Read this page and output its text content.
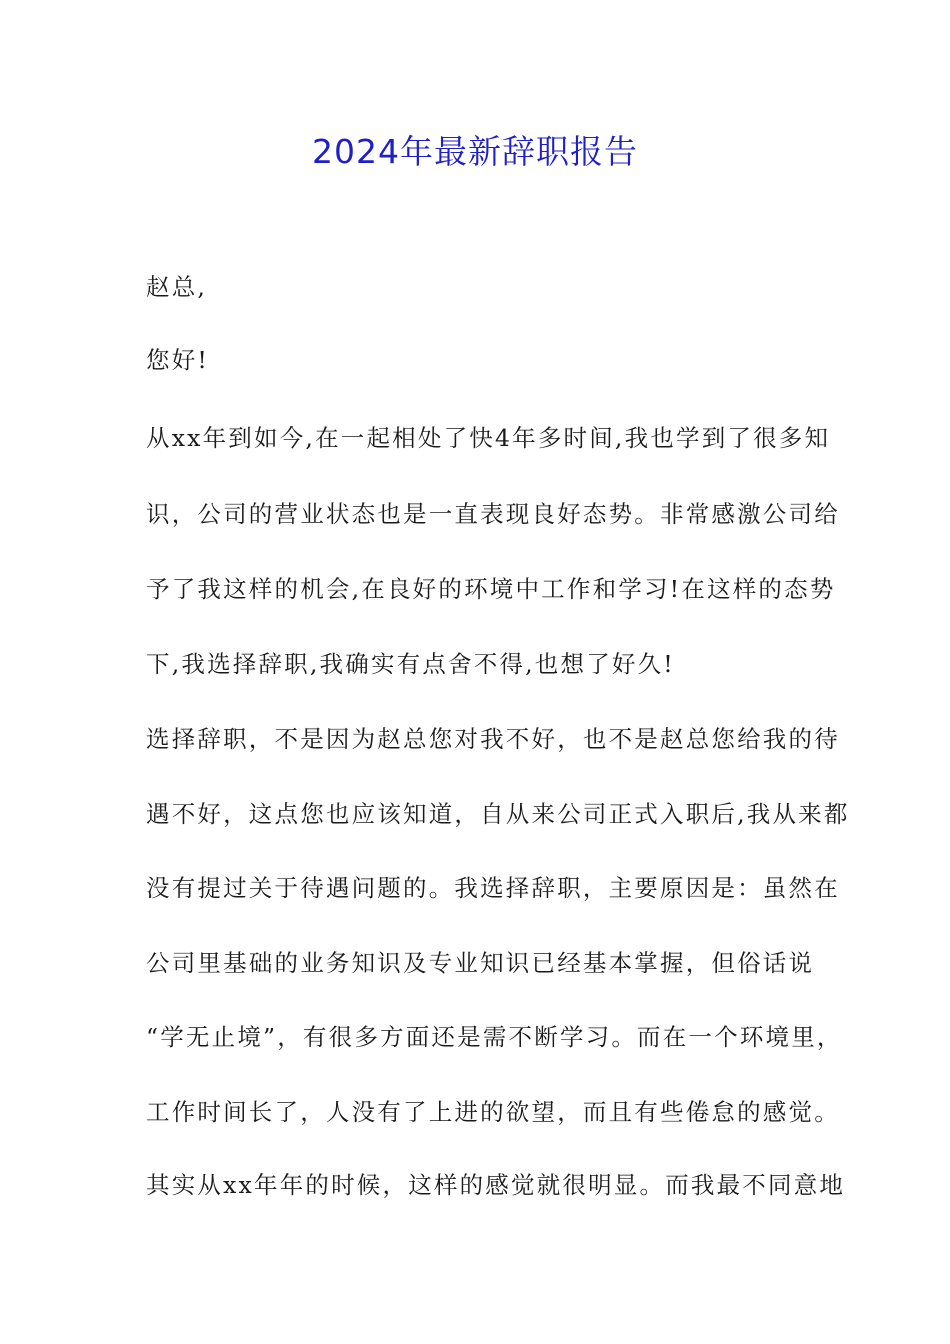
2024年最新辞职报告

赵总,

您好!

从xx年到如今,在一起相处了快4年多时间,我也学到了很多知

识，公司的营业状态也是一直表现良好态势。非常感激公司给

予了我这样的机会,在良好的环境中工作和学习!在这样的态势

下,我选择辞职,我确实有点舍不得,也想了好久!

选择辞职，不是因为赵总您对我不好，也不是赵总您给我的待

遇不好，这点您也应该知道，自从来公司正式入职后,我从来都

没有提过关于待遇问题的。我选择辞职，主要原因是：虽然在

公司里基础的业务知识及专业知识已经基本掌握，但俗话说

“学无止境”，有很多方面还是需不断学习。而在一个环境里，

工作时间长了，人没有了上进的欲望，而且有些倦怠的感觉。

其实从xx年年的时候，这样的感觉就很明显。而我最不同意地
